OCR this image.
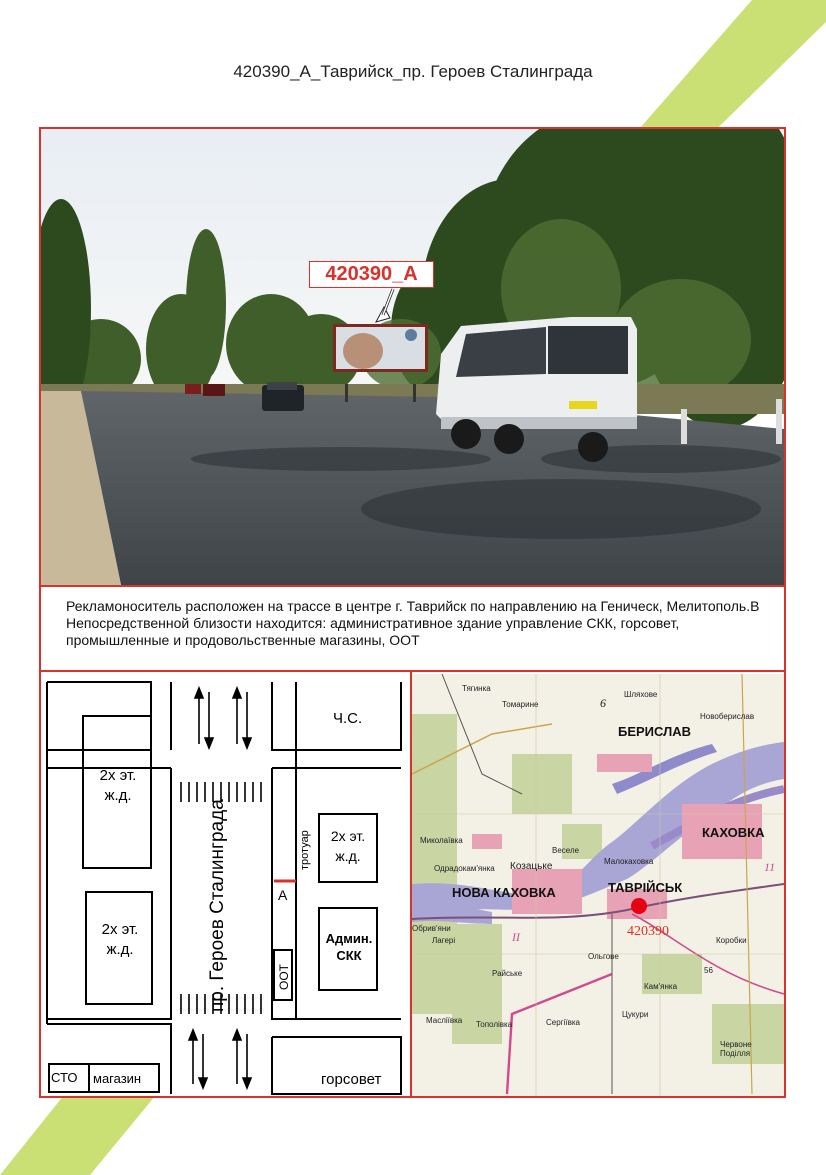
420390_А_Таврийск_пр. Героев Сталинграда
420390_А
Рекламоноситель расположен на трассе в центре г. Таврийск по направлению на Геническ, Мелитополь.В Непосредственной близости находится: административное здание управление СКК, горсовет, промышленные и продовольственные магазины, ООТ
2х эт. ж.д.
2х эт. ж.д.
2х эт. ж.д.
Ч.С.
Админ. СКК
СТО магазин	горсовет
А
ООТ
тротуар
пр. Героев Сталинграда
БЕРИСЛАВ
КАХОВКА
НОВА КАХОВКА	ТАВРІЙСЬК
420390
Шляхове
Тягинка
Томарине
Новоберислав
Миколаївка
Веселе
Козацьке
Одрадокам'янка
Малокаховка
Лагері
Райське
Ольгове
Коробки
Масліївка Тополівка	Сергіївка
Кам'янка
Цукури
Червоне Поділля
Обрив'яни
6
II
11
56
